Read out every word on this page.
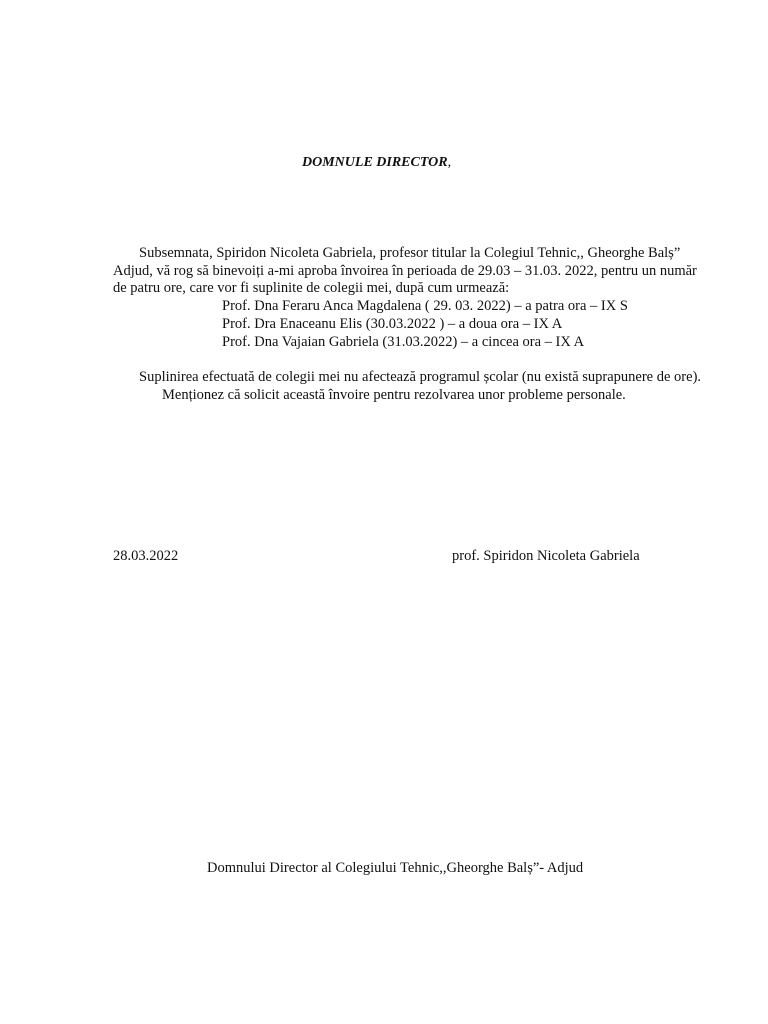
DOMNULE DIRECTOR,
Subsemnata, Spiridon Nicoleta Gabriela, profesor titular la Colegiul Tehnic,, Gheorghe Balș”
Adjud, vă rog să binevoiți a-mi aproba învoirea în perioada de 29.03 – 31.03. 2022, pentru un număr
de patru ore, care vor fi suplinite de colegii mei, după cum urmează:
Prof. Dna Feraru Anca Magdalena ( 29. 03. 2022) – a patra ora – IX S
Prof. Dra Enaceanu Elis (30.03.2022 ) – a doua ora – IX A
Prof. Dna Vajaian Gabriela (31.03.2022) – a cincea ora – IX A
Suplinirea efectuată de colegii mei nu afectează programul școlar (nu există suprapunere de ore).
Menționez că solicit această învoire pentru rezolvarea unor probleme personale.
28.03.2022	prof. Spiridon Nicoleta Gabriela
Domnului Director al Colegiului Tehnic,,Gheorghe Balș”- Adjud
